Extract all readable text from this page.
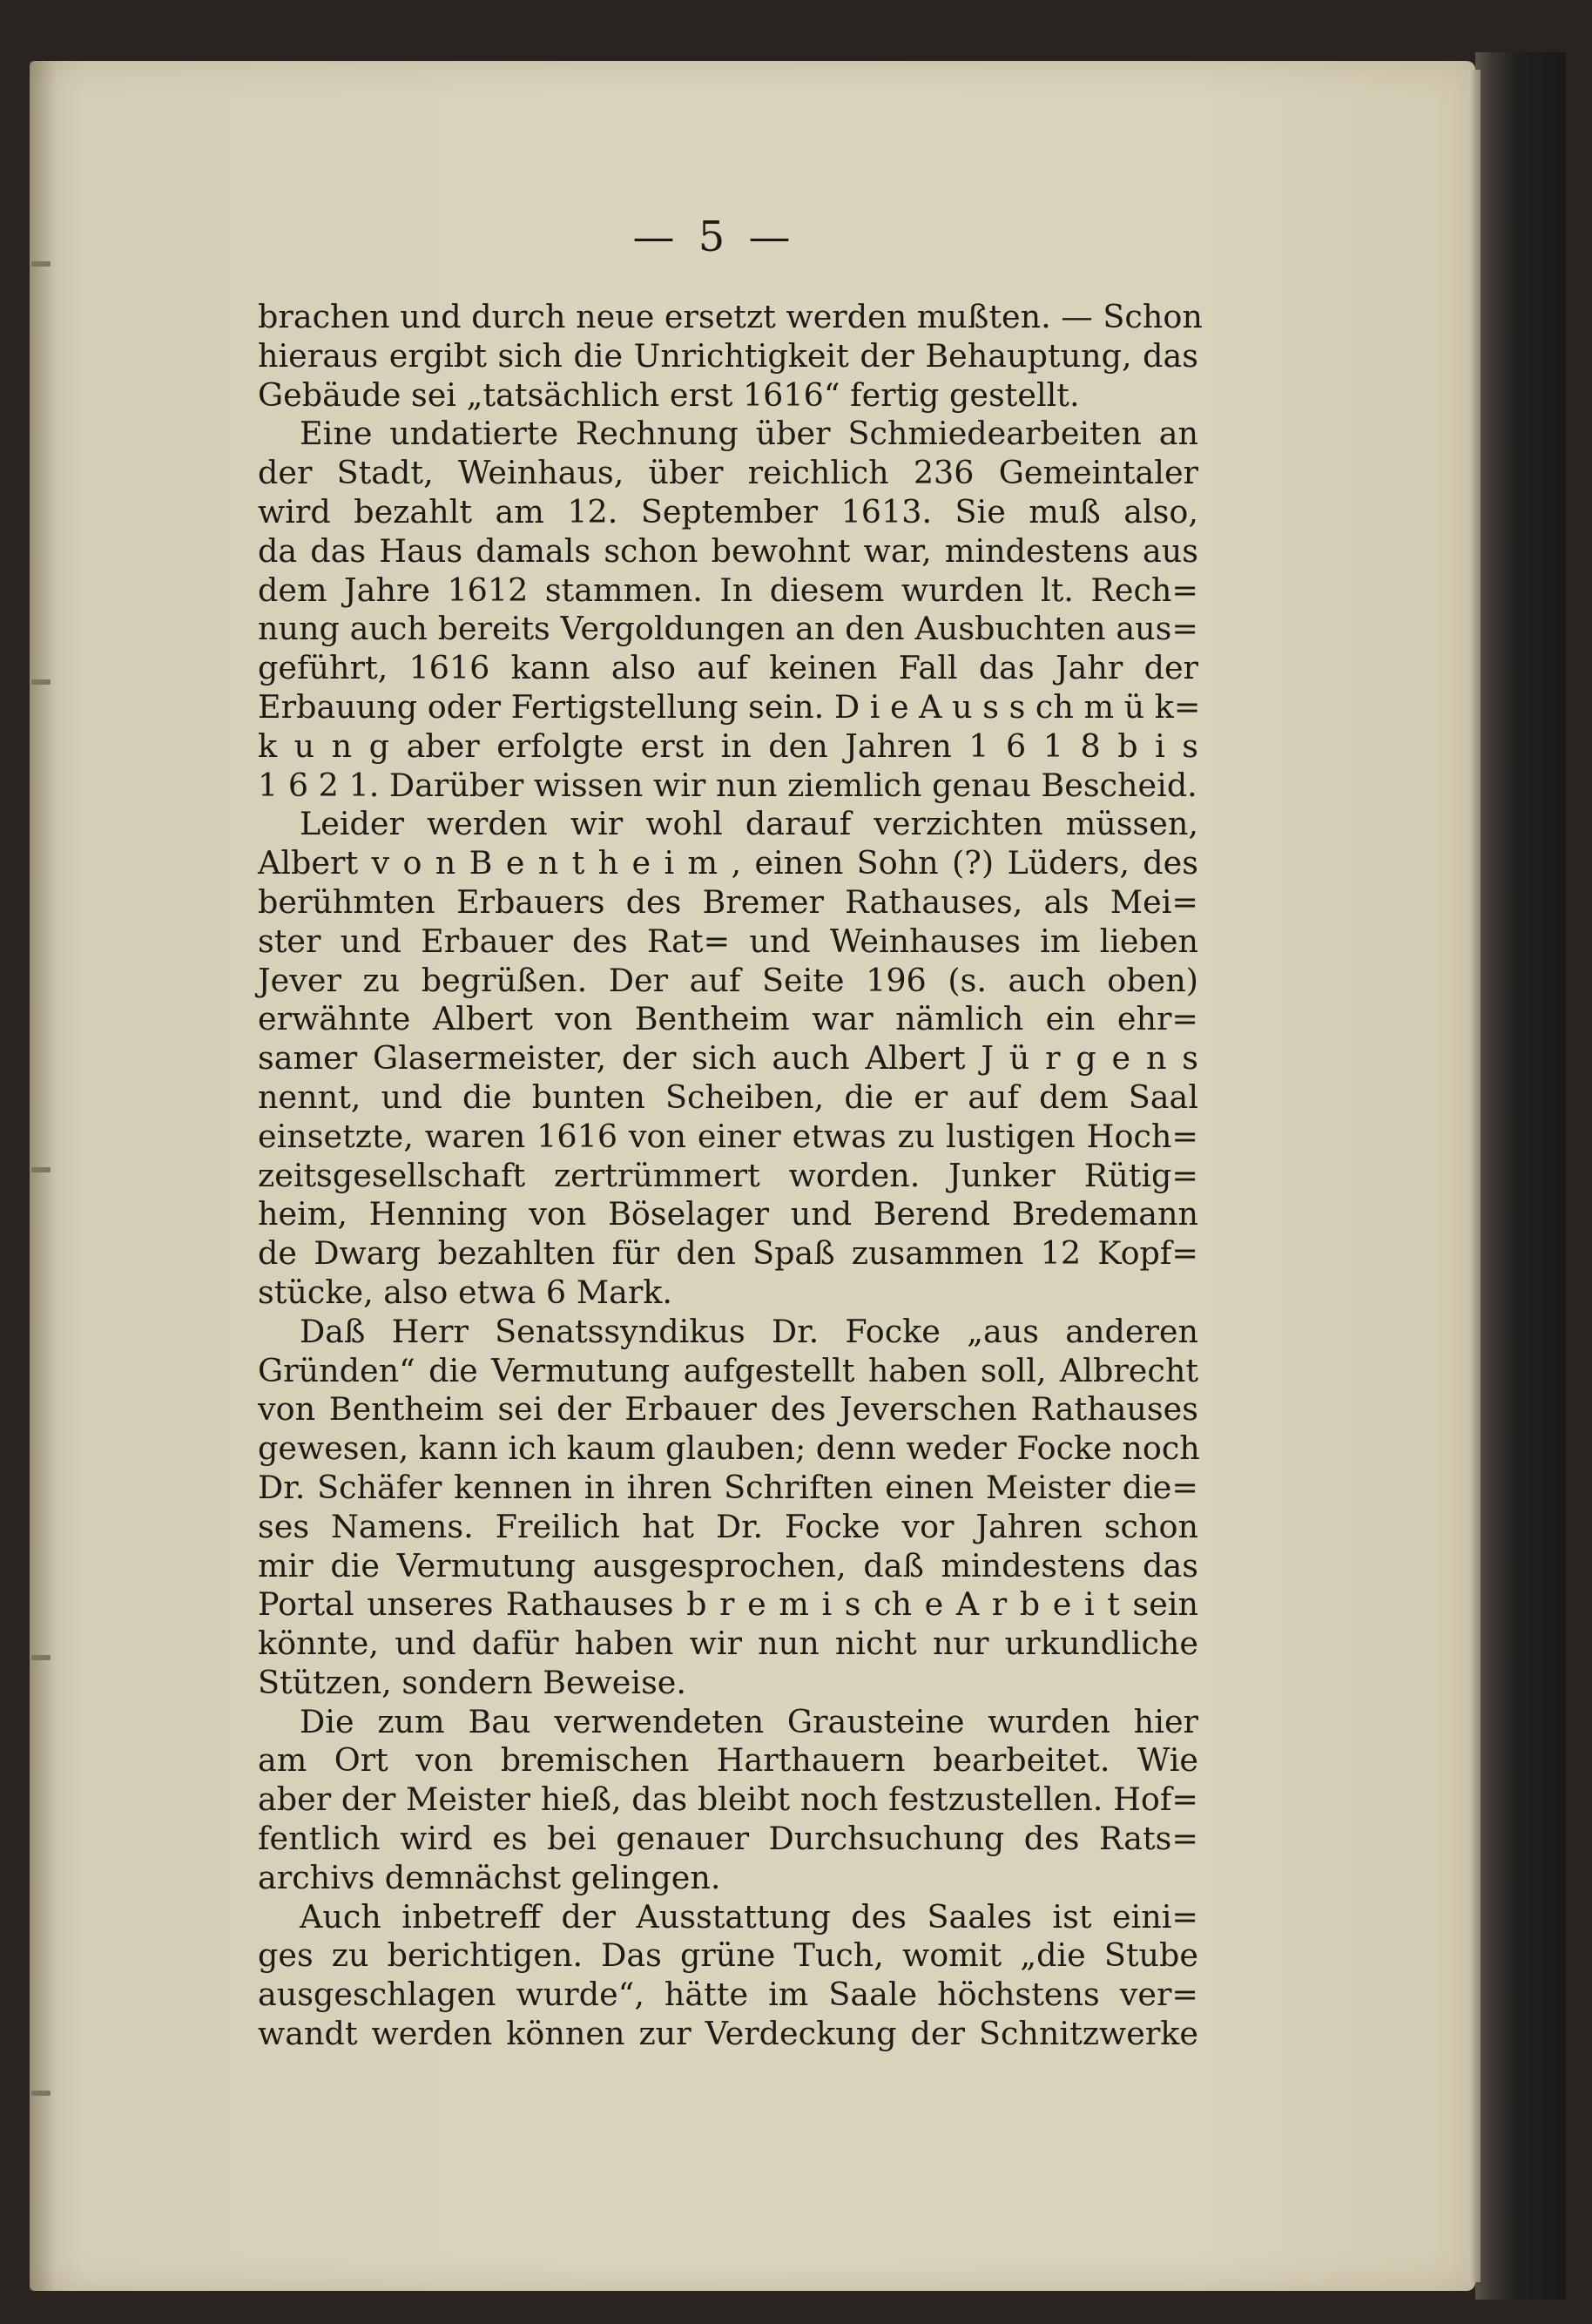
— 5 —
brachen und durch neue ersetzt werden mußten. — Schon
hieraus ergibt sich die Unrichtigkeit der Behauptung, das
Gebäude sei „tatsächlich erst 1616“ fertig gestellt.
Eine undatierte Rechnung über Schmiedearbeiten an
der Stadt, Weinhaus, über reichlich 236 Gemeintaler
wird bezahlt am 12. September 1613. Sie muß also,
da das Haus damals schon bewohnt war, mindestens aus
dem Jahre 1612 stammen. In diesem wurden lt. Rech=
nung auch bereits Vergoldungen an den Ausbuchten aus=
geführt, 1616 kann also auf keinen Fall das Jahr der
Erbauung oder Fertigstellung sein. D i e A u s s ch m ü k=
k u n g aber erfolgte erst in den Jahren 1 6 1 8 b i s
1 6 2 1. Darüber wissen wir nun ziemlich genau Bescheid.
Leider werden wir wohl darauf verzichten müssen,
Albert v o n B e n t h e i m , einen Sohn (?) Lüders, des
berühmten Erbauers des Bremer Rathauses, als Mei=
ster und Erbauer des Rat= und Weinhauses im lieben
Jever zu begrüßen. Der auf Seite 196 (s. auch oben)
erwähnte Albert von Bentheim war nämlich ein ehr=
samer Glasermeister, der sich auch Albert J ü r g e n s
nennt, und die bunten Scheiben, die er auf dem Saal
einsetzte, waren 1616 von einer etwas zu lustigen Hoch=
zeitsgesellschaft zertrümmert worden. Junker Rütig=
heim, Henning von Böselager und Berend Bredemann
de Dwarg bezahlten für den Spaß zusammen 12 Kopf=
stücke, also etwa 6 Mark.
Daß Herr Senatssyndikus Dr. Focke „aus anderen
Gründen“ die Vermutung aufgestellt haben soll, Albrecht
von Bentheim sei der Erbauer des Jeverschen Rathauses
gewesen, kann ich kaum glauben; denn weder Focke noch
Dr. Schäfer kennen in ihren Schriften einen Meister die=
ses Namens. Freilich hat Dr. Focke vor Jahren schon
mir die Vermutung ausgesprochen, daß mindestens das
Portal unseres Rathauses b r e m i s ch e A r b e i t sein
könnte, und dafür haben wir nun nicht nur urkundliche
Stützen, sondern Beweise.
Die zum Bau verwendeten Grausteine wurden hier
am Ort von bremischen Harthauern bearbeitet. Wie
aber der Meister hieß, das bleibt noch festzustellen. Hof=
fentlich wird es bei genauer Durchsuchung des Rats=
archivs demnächst gelingen.
Auch inbetreff der Ausstattung des Saales ist eini=
ges zu berichtigen. Das grüne Tuch, womit „die Stube
ausgeschlagen wurde“, hätte im Saale höchstens ver=
wandt werden können zur Verdeckung der Schnitzwerke
